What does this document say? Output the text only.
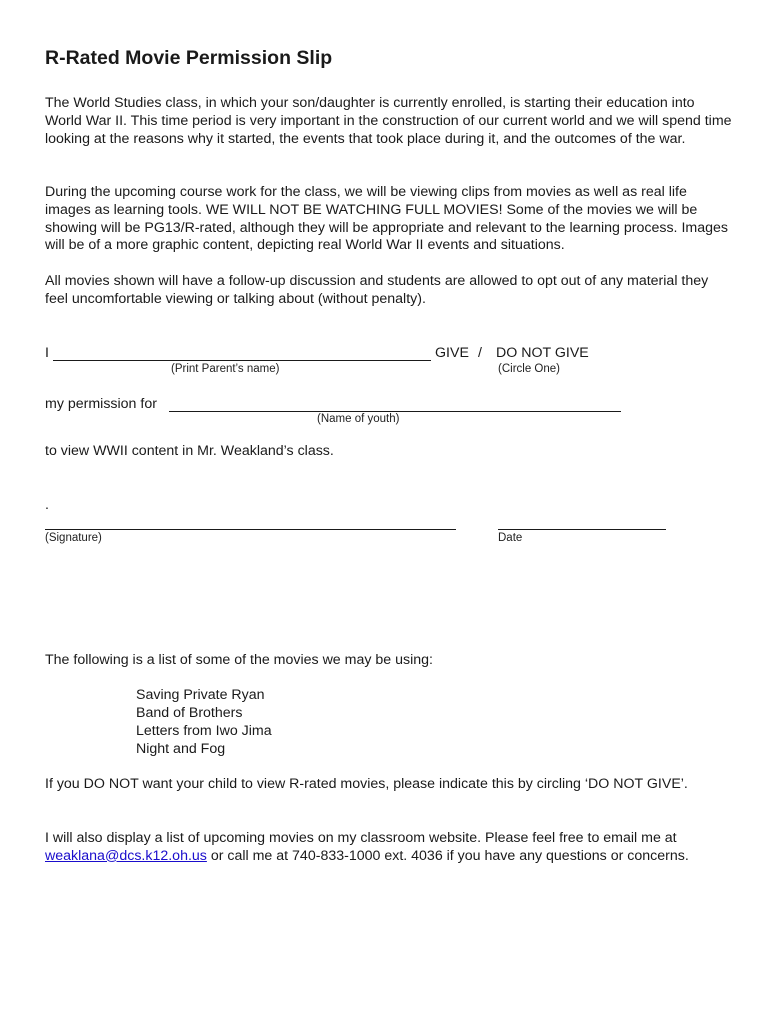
R-Rated Movie Permission Slip

The World Studies class, in which your son/daughter is currently enrolled, is starting their education into World War II. This time period is very important in the construction of our current world and we will spend time looking at the reasons why it started, the events that took place during it, and the outcomes of the war.

During the upcoming course work for the class, we will be viewing clips from movies as well as real life images as learning tools. WE WILL NOT BE WATCHING FULL MOVIES! Some of the movies we will be showing will be PG13/R-rated, although they will be appropriate and relevant to the learning process. Images will be of a more graphic content, depicting real World War II events and situations.

All movies shown will have a follow-up discussion and students are allowed to opt out of any material they feel uncomfortable viewing or talking about (without penalty).

I	GIVE / DO NOT GIVE
(Print Parent’s name)	(Circle One)
my permission for
(Name of youth)
to view WWII content in Mr. Weakland’s class.
.
(Signature)	Date
The following is a list of some of the movies we may be using:
Saving Private Ryan
Band of Brothers
Letters from Iwo Jima
Night and Fog

If you DO NOT want your child to view R-rated movies, please indicate this by circling ‘DO NOT GIVE’.

I will also display a list of upcoming movies on my classroom website. Please feel free to email me at weaklana@dcs.k12.oh.us or call me at 740-833-1000 ext. 4036 if you have any questions or concerns.
